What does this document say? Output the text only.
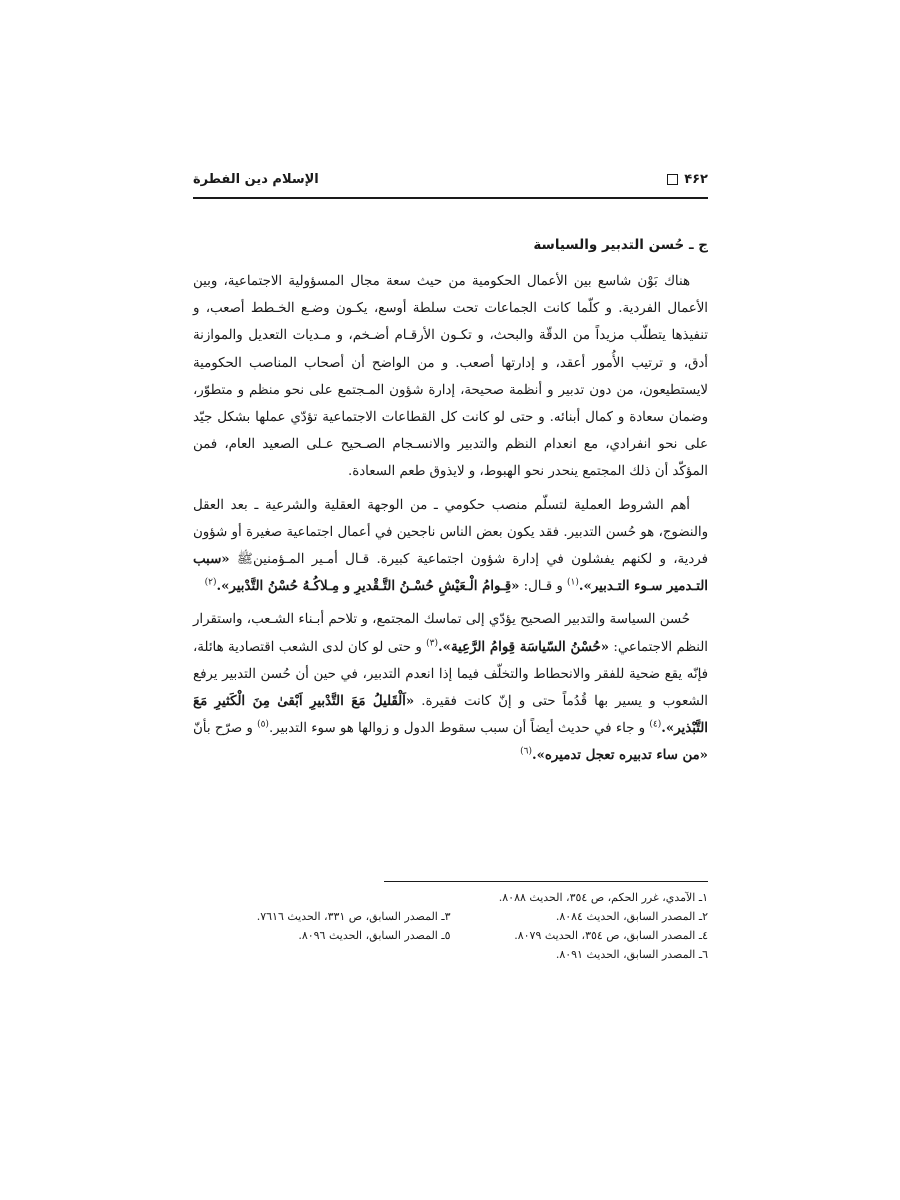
۴۶۲
الإسلام دين الفطرة
ج ـ حُسن التدبير والسياسة

هناك بَوْن شاسع بين الأعمال الحكومية من حيث سعة مجال المسؤولية الاجتماعية، وبين الأعمال الفردية. و كلّما كانت الجماعات تحت سلطة أوسع، يكـون وضـع الخـطط أصعب، و تنفيذها يتطلّب مزيداً من الدقّة والبحث، و تكـون الأرقـام أضـخم، و مـديات التعديل والموازنة أدق، و ترتيب الأُمور أعقد، و إدارتها أصعب. و من الواضح أن أصحاب المناصب الحكومية لايستطيعون، من دون تدبير و أنظمة صحيحة، إدارة شؤون المـجتمع على نحو منظم و متطوّر، وضمان سعادة و كمال أبنائه. و حتى لو كانت كل القطاعات الاجتماعية تؤدّي عملها بشكل جيّد على نحو انفرادي، مع انعدام النظم والتدبير والانسـجام الصـحيح عـلى الصعيد العام، فمن المؤكّد أن ذلك المجتمع ينحدر نحو الهبوط، و لايذوق طعم السعادة.

أهم الشروط العملية لتسلّم منصب حكومي ـ من الوجهة العقلية والشرعية ـ بعد العقل والنضوج، هو حُسن التدبير. فقد يكون بعض الناس ناجحين في أعمال اجتماعية صغيرة أو شؤون فردية، و لكنهم يفشلون في إدارة شؤون اجتماعية كبيرة. قـال أمـير المـؤمنينﷺ «سبب التـدمير سـوء التـدبير».$^{(١)}$ و قـال: «قِـوامُ الْـعَيْشِ حُسْـنُ التَّـقْديرِ و مِـلاكُـهُ حُسْنُ التَّدْبير».$^{(٢)}$

حُسن السياسة والتدبير الصحيح يؤدّي إلى تماسك المجتمع، و تلاحم أبـناء الشـعب، واستقرار النظم الاجتماعي: «حُسْنُ السّياسَة قِوامُ الرَّعِية».$^{(٣)}$ و حتى لو كان لدى الشعب اقتصادية هائلة، فإنّه يقع ضحية للفقر والانحطاط والتخلّف فيما إذا انعدم التدبير، في حين أن حُسن التدبير يرفع الشعوب و يسير بها قُدُماً حتى و إنّ كانت فقيرة. «اَلْقَليلُ مَعَ التَّدْبيرِ اَبْقىٰ مِنَ الْكَثيرِ مَعَ التَّبْذير».$^{(٤)}$ و جاء في حديث أيضاً أن سبب سقوط الدول و زوالها هو سوء التدبير.$^{(٥)}$ و صرّح بأنّ «من ساء تدبيره تعجل تدميره».$^{(٦)}$

١ـ الآمدي، غرر الحكم، ص ٣٥٤، الحديث ٨٠٨٨.
٢ـ المصدر السابق، الحديث ٨٠٨٤.
٣ـ المصدر السابق، ص ٣٣١، الحديث ٧٦١٦.
٤ـ المصدر السابق، ص ٣٥٤، الحديث ٨٠٧٩.
٥ـ المصدر السابق، الحديث ٨٠٩٦.
٦ـ المصدر السابق، الحديث ٨٠٩١.
